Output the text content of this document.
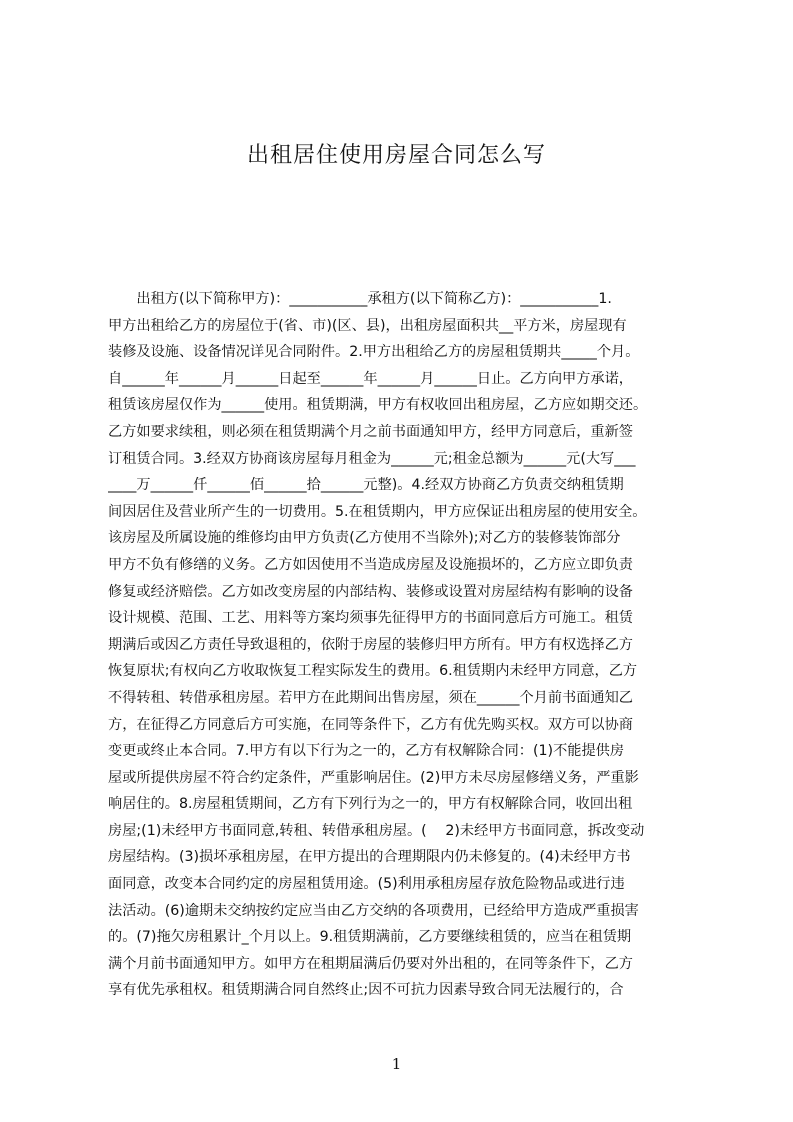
出租居住使用房屋合同怎么写
　　出租方(以下简称甲方)：___________承租方(以下简称乙方)：___________1.
甲方出租给乙方的房屋位于(省、市)(区、县)，出租房屋面积共__平方米，房屋现有
装修及设施、设备情况详见合同附件。2.甲方出租给乙方的房屋租赁期共_____个月。
自______年______月______日起至______年______月______日止。乙方向甲方承诺，
租赁该房屋仅作为______使用。租赁期满，甲方有权收回出租房屋，乙方应如期交还。
乙方如要求续租，则必须在租赁期满个月之前书面通知甲方，经甲方同意后，重新签
订租赁合同。3.经双方协商该房屋每月租金为______元;租金总额为______元(大写___
____万______仟______佰______拾______元整)。4.经双方协商乙方负责交纳租赁期
间因居住及营业所产生的一切费用。5.在租赁期内，甲方应保证出租房屋的使用安全。
该房屋及所属设施的维修均由甲方负责(乙方使用不当除外);对乙方的装修装饰部分
甲方不负有修缮的义务。乙方如因使用不当造成房屋及设施损坏的，乙方应立即负责
修复或经济赔偿。乙方如改变房屋的内部结构、装修或设置对房屋结构有影响的设备
设计规模、范围、工艺、用料等方案均须事先征得甲方的书面同意后方可施工。租赁
期满后或因乙方责任导致退租的，依附于房屋的装修归甲方所有。甲方有权选择乙方
恢复原状;有权向乙方收取恢复工程实际发生的费用。6.租赁期内未经甲方同意，乙方
不得转租、转借承租房屋。若甲方在此期间出售房屋，须在______个月前书面通知乙
方，在征得乙方同意后方可实施，在同等条件下，乙方有优先购买权。双方可以协商
变更或终止本合同。7.甲方有以下行为之一的，乙方有权解除合同：(1)不能提供房
屋或所提供房屋不符合约定条件，严重影响居住。(2)甲方未尽房屋修缮义务，严重影
响居住的。8.房屋租赁期间，乙方有下列行为之一的，甲方有权解除合同，收回出租
房屋;(1)未经甲方书面同意,转租、转借承租房屋。(　 2)未经甲方书面同意，拆改变动
房屋结构。(3)损坏承租房屋，在甲方提出的合理期限内仍未修复的。(4)未经甲方书
面同意，改变本合同约定的房屋租赁用途。(5)利用承租房屋存放危险物品或进行违
法活动。(6)逾期未交纳按约定应当由乙方交纳的各项费用，已经给甲方造成严重损害
的。(7)拖欠房租累计_个月以上。9.租赁期满前，乙方要继续租赁的，应当在租赁期
满个月前书面通知甲方。如甲方在租期届满后仍要对外出租的，在同等条件下，乙方
享有优先承租权。租赁期满合同自然终止;因不可抗力因素导致合同无法履行的，合
1
